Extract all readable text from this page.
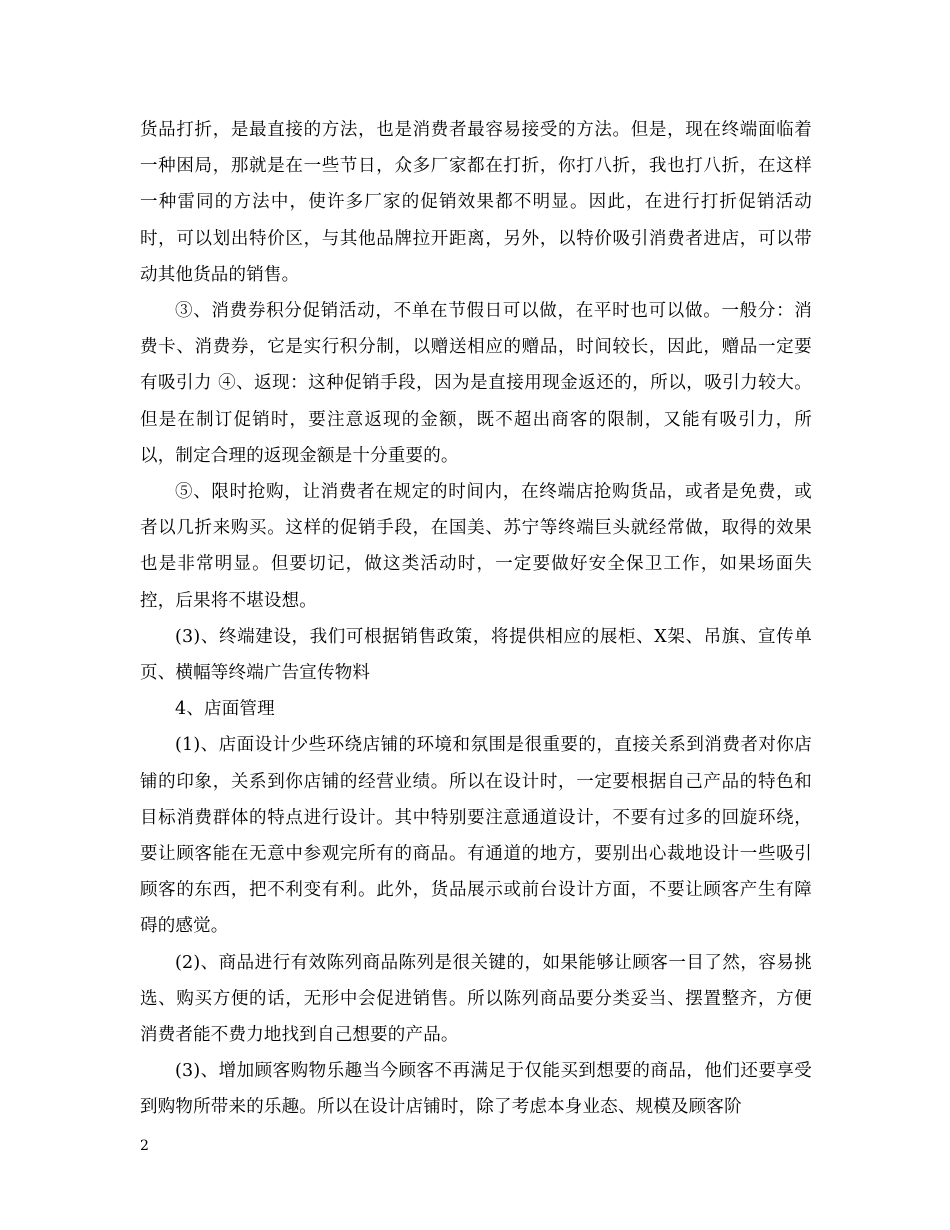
货品打折，是最直接的方法，也是消费者最容易接受的方法。但是，现在终端面临着一种困局，那就是在一些节日，众多厂家都在打折，你打八折，我也打八折，在这样一种雷同的方法中，使许多厂家的促销效果都不明显。因此，在进行打折促销活动时，可以划出特价区，与其他品牌拉开距离，另外，以特价吸引消费者进店，可以带动其他货品的销售。

③、消费券积分促销活动，不单在节假日可以做，在平时也可以做。一般分：消费卡、消费券，它是实行积分制，以赠送相应的赠品，时间较长，因此，赠品一定要有吸引力 ④、返现：这种促销手段，因为是直接用现金返还的，所以，吸引力较大。但是在制订促销时，要注意返现的金额，既不超出商客的限制，又能有吸引力，所以，制定合理的返现金额是十分重要的。

⑤、限时抢购，让消费者在规定的时间内，在终端店抢购货品，或者是免费，或者以几折来购买。这样的促销手段，在国美、苏宁等终端巨头就经常做，取得的效果也是非常明显。但要切记，做这类活动时，一定要做好安全保卫工作，如果场面失控，后果将不堪设想。

(3)、终端建设，我们可根据销售政策，将提供相应的展柜、X架、吊旗、宣传单页、横幅等终端广告宣传物料

4、店面管理

(1)、店面设计少些环绕店铺的环境和氛围是很重要的，直接关系到消费者对你店铺的印象，关系到你店铺的经营业绩。所以在设计时，一定要根据自己产品的特色和目标消费群体的特点进行设计。其中特别要注意通道设计，不要有过多的回旋环绕，要让顾客能在无意中参观完所有的商品。有通道的地方，要别出心裁地设计一些吸引顾客的东西，把不利变有利。此外，货品展示或前台设计方面，不要让顾客产生有障碍的感觉。

(2)、商品进行有效陈列商品陈列是很关键的，如果能够让顾客一目了然，容易挑选、购买方便的话，无形中会促进销售。所以陈列商品要分类妥当、摆置整齐，方便消费者能不费力地找到自己想要的产品。

(3)、增加顾客购物乐趣当今顾客不再满足于仅能买到想要的商品，他们还要享受到购物所带来的乐趣。所以在设计店铺时，除了考虑本身业态、规模及顾客阶

2
